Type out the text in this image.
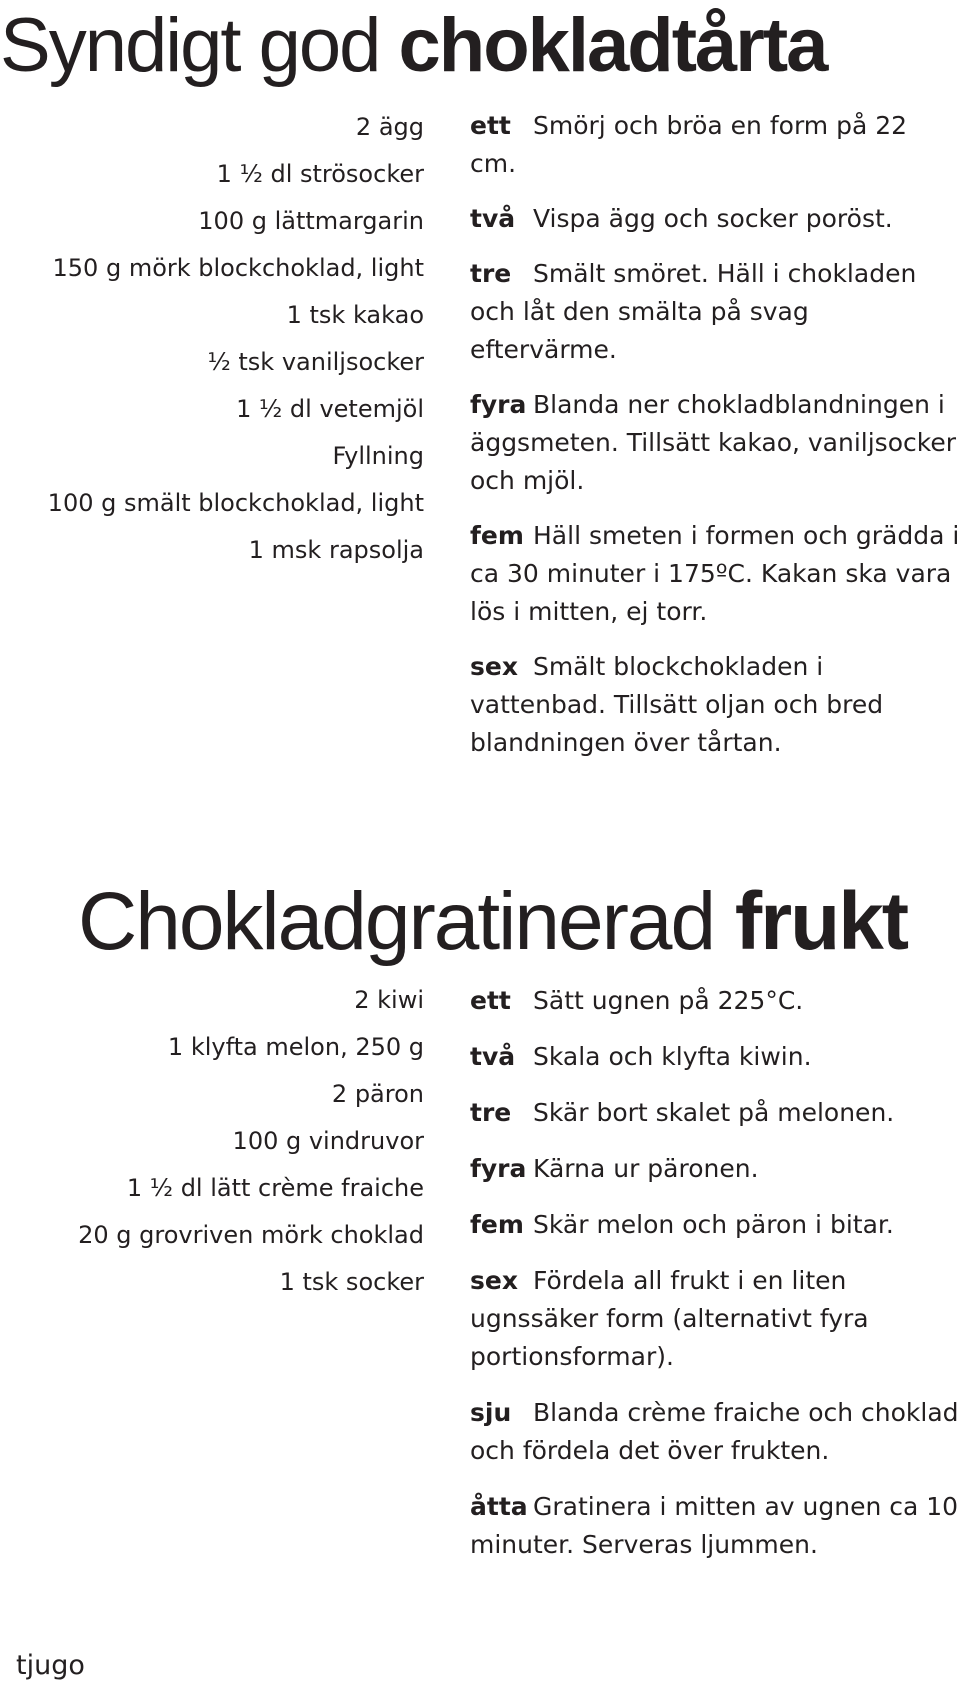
Syndigt god chokladtårta
2 ägg
1 ½ dl strösocker
100 g lättmargarin
150 g mörk blockchoklad, light
1 tsk kakao
½ tsk vaniljsocker
1 ½ dl vetemjöl
Fyllning
100 g smält blockchoklad, light
1 msk rapsolja
ett Smörj och bröa en form på 22 cm.
två Vispa ägg och socker poröst.
tre Smält smöret. Häll i chokladen och låt den smälta på svag eftervärme.
fyra Blanda ner chokladblandningen i äggsmeten. Tillsätt kakao, vaniljsocker och mjöl.
fem Häll smeten i formen och grädda i ca 30 minuter i 175ºC. Kakan ska vara lös i mitten, ej torr.
sex Smält blockchokladen i vattenbad. Tillsätt oljan och bred blandningen över tårtan.
Chokladgratinerad frukt
2 kiwi
1 klyfta melon, 250 g
2 päron
100 g vindruvor
1 ½ dl lätt crème fraiche
20 g grovriven mörk choklad
1 tsk socker
ett Sätt ugnen på 225°C.
två Skala och klyfta kiwin.
tre Skär bort skalet på melonen.
fyra Kärna ur päronen.
fem Skär melon och päron i bitar.
sex Fördela all frukt i en liten ugnssäker form (alternativt fyra portionsformar).
sju Blanda crème fraiche och choklad och fördela det över frukten.
åtta Gratinera i mitten av ugnen ca 10 minuter. Serveras ljummen.
tjugo
